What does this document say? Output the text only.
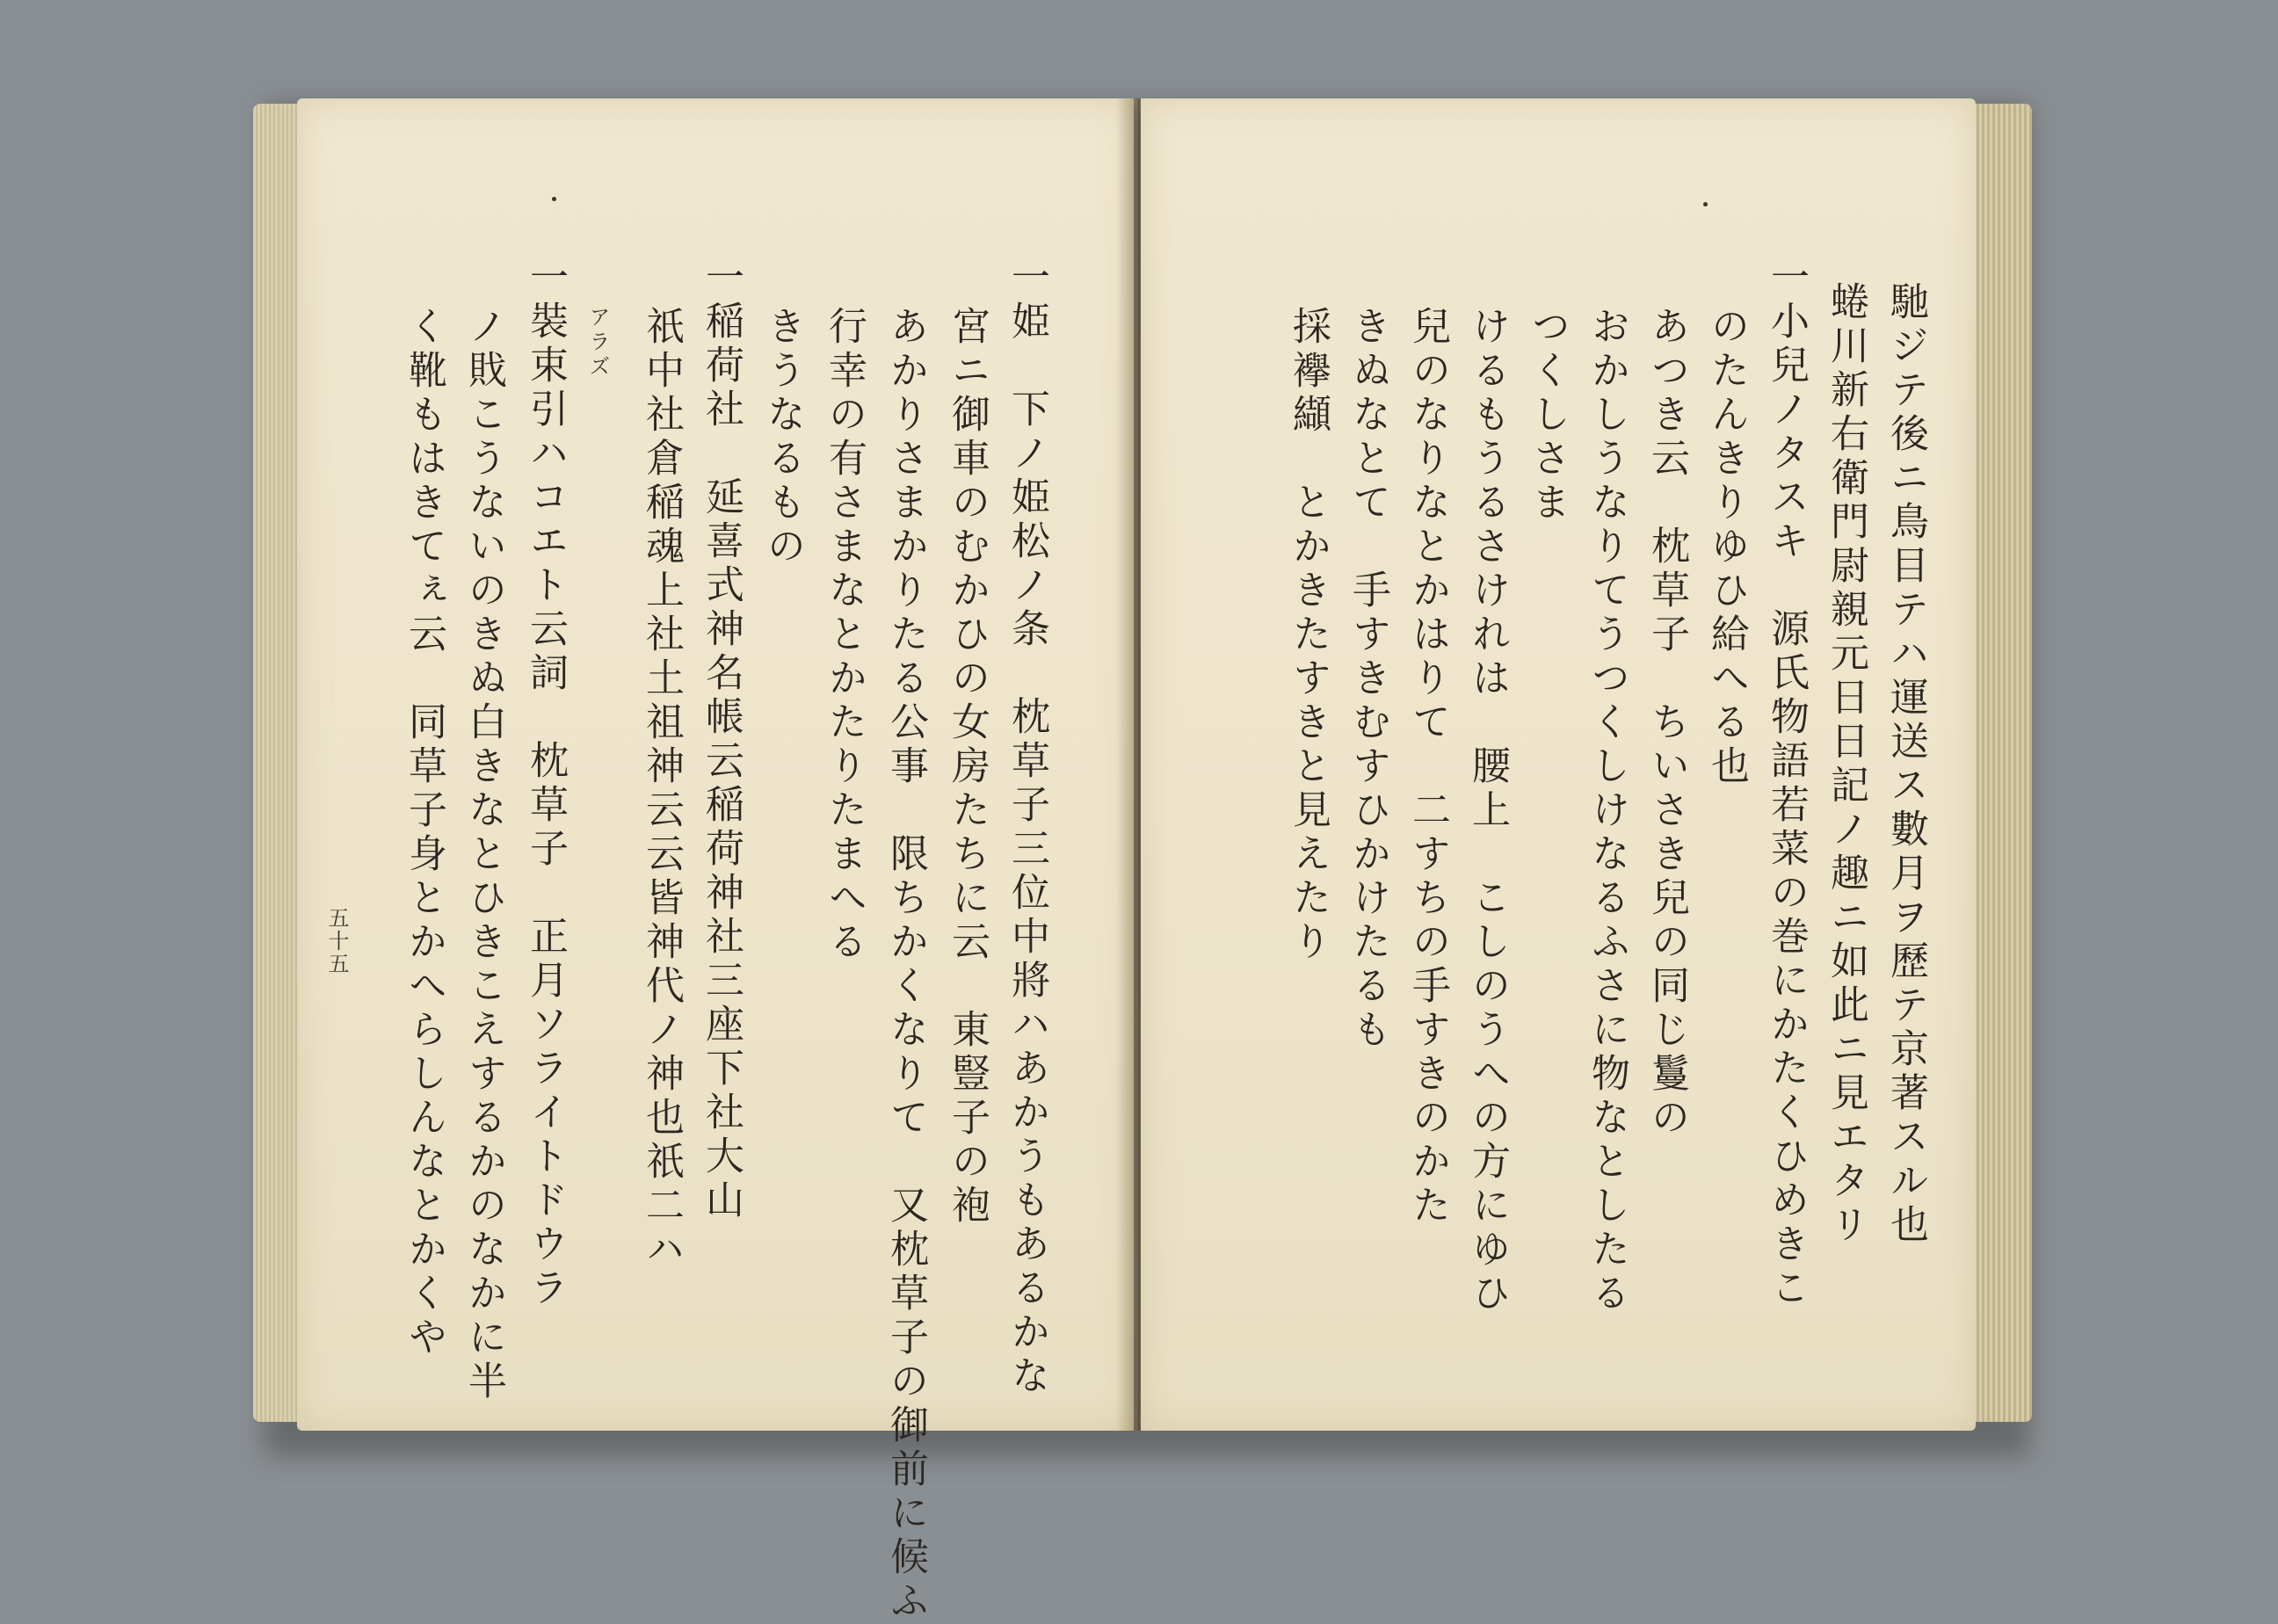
一姫　下ノ姫松ノ条　枕草子三位中將ハあかうもあるかな
宮ニ御車のむかひの女房たちに云　東豎子の袍
あかりさまかりたる公事　限ちかくなりて　又枕草子の御前に候ふ
行幸の有さまなとかたりたまへる
きうなるもの
一稲荷社　延喜式神名帳云稲荷神社三座下社大山
祇中社倉稲魂上社土祖神云云皆神代ノ神也祇二ハ
アラズ
一裝束引ハコエト云詞　枕草子　正月ソライトドウラ
ノ戝こうないのきぬ白きなとひきこえするかのなかに半
く靴もはきてぇ云　同草子身とかへらしんなとかくや
五十五	馳ジテ後ニ鳥目テハ運送ス數月ヲ歷テ京著スル也
蜷川新右衛門尉親元日日記ノ趣ニ如此ニ見エタリ
一小兒ノタスキ　源氏物語若菜の巻にかたくひめきこ
のたんきりゆひ給へる也
あつき云　枕草子　ちいさき兒の同じ鬘の
おかしうなりてうつくしけなるふさに物なとしたる
つくしさま
けるもうるさけれは　腰上　こしのうへの方にゆひ
兒のなりなとかはりて　二すちの手すきのかた
きぬなとて　手すきむすひかけたるも
採襷纈　とかきたすきと見えたり
